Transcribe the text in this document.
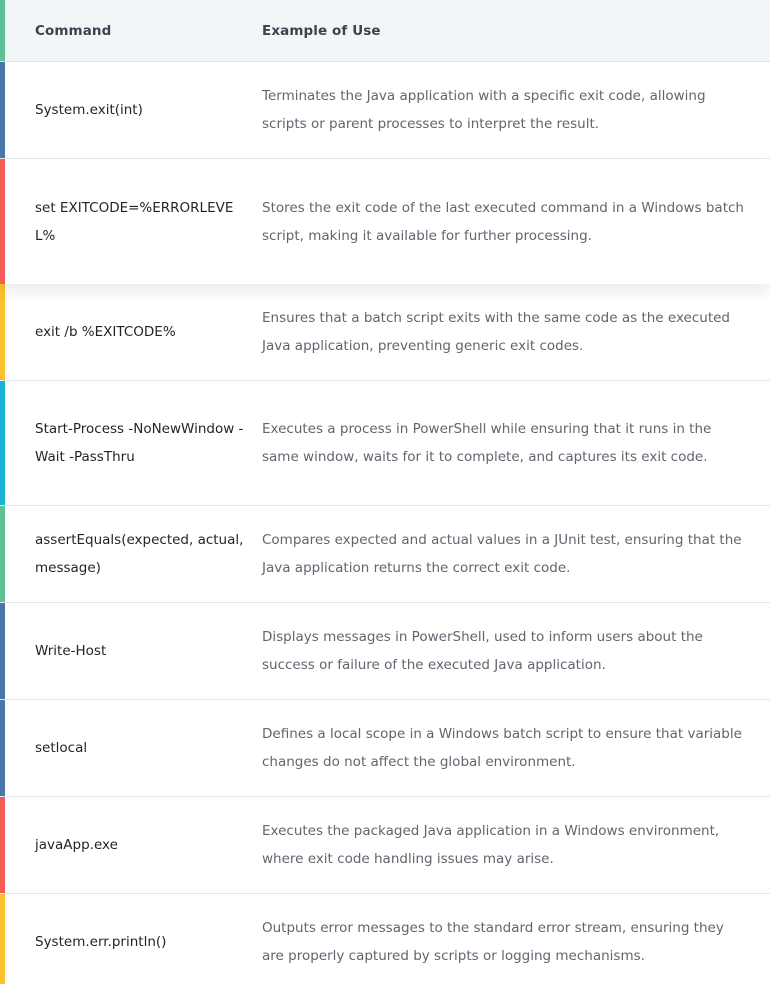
Command	Example of Use
System.exit(int)
Terminates the Java application with a specific exit code, allowing scripts or parent processes to interpret the result.
set EXITCODE=%ERRORLEVEL%
Stores the exit code of the last executed command in a Windows batch script, making it available for further processing.
exit /b %EXITCODE%
Ensures that a batch script exits with the same code as the executed Java application, preventing generic exit codes.
Start-Process -NoNewWindow -Wait -PassThru
Executes a process in PowerShell while ensuring that it runs in the same window, waits for it to complete, and captures its exit code.
assertEquals(expected, actual, message)
Compares expected and actual values in a JUnit test, ensuring that the Java application returns the correct exit code.
Write-Host
Displays messages in PowerShell, used to inform users about the success or failure of the executed Java application.
setlocal
Defines a local scope in a Windows batch script to ensure that variable changes do not affect the global environment.
javaApp.exe
Executes the packaged Java application in a Windows environment, where exit code handling issues may arise.
System.err.println()
Outputs error messages to the standard error stream, ensuring they are properly captured by scripts or logging mechanisms.
